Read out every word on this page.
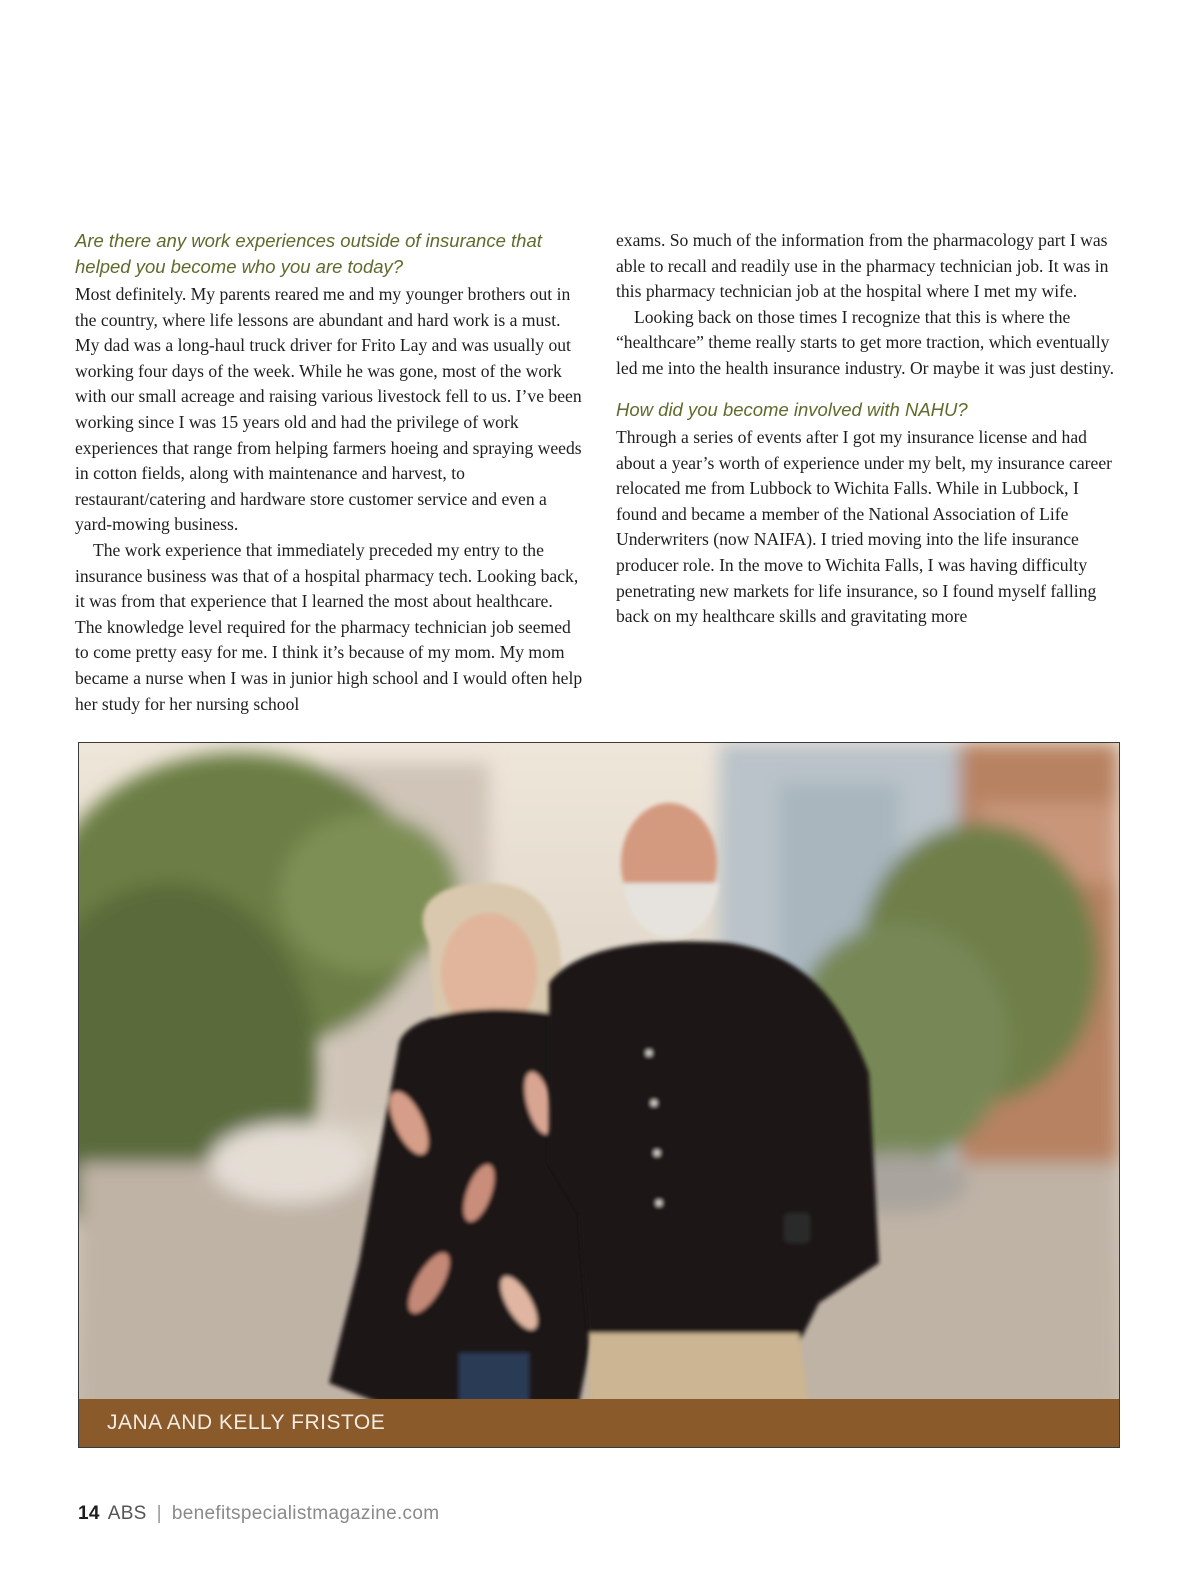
Are there any work experiences outside of insurance that helped you become who you are today?

Most definitely. My parents reared me and my younger brothers out in the country, where life lessons are abundant and hard work is a must. My dad was a long-haul truck driver for Frito Lay and was usually out working four days of the week. While he was gone, most of the work with our small acreage and raising various livestock fell to us. I’ve been working since I was 15 years old and had the privilege of work experiences that range from helping farmers hoeing and spraying weeds in cotton fields, along with maintenance and harvest, to restaurant/catering and hardware store customer service and even a yard-mowing business.

The work experience that immediately preceded my entry to the insurance business was that of a hospital pharmacy tech. Looking back, it was from that experience that I learned the most about healthcare. The knowledge level required for the pharmacy technician job seemed to come pretty easy for me. I think it’s because of my mom. My mom became a nurse when I was in junior high school and I would often help her study for her nursing school

exams. So much of the information from the pharmacology part I was able to recall and readily use in the pharmacy technician job. It was in this pharmacy technician job at the hospital where I met my wife.

Looking back on those times I recognize that this is where the “healthcare” theme really starts to get more traction, which eventually led me into the health insurance industry. Or maybe it was just destiny.

How did you become involved with NAHU?

Through a series of events after I got my insurance license and had about a year’s worth of experience under my belt, my insurance career relocated me from Lubbock to Wichita Falls. While in Lubbock, I found and became a member of the National Association of Life Underwriters (now NAIFA). I tried moving into the life insurance producer role. In the move to Wichita Falls, I was having difficulty penetrating new markets for life insurance, so I found myself falling back on my healthcare skills and gravitating more

JANA AND KELLY FRISTOE
14 ABS | benefitspecialistmagazine.com
